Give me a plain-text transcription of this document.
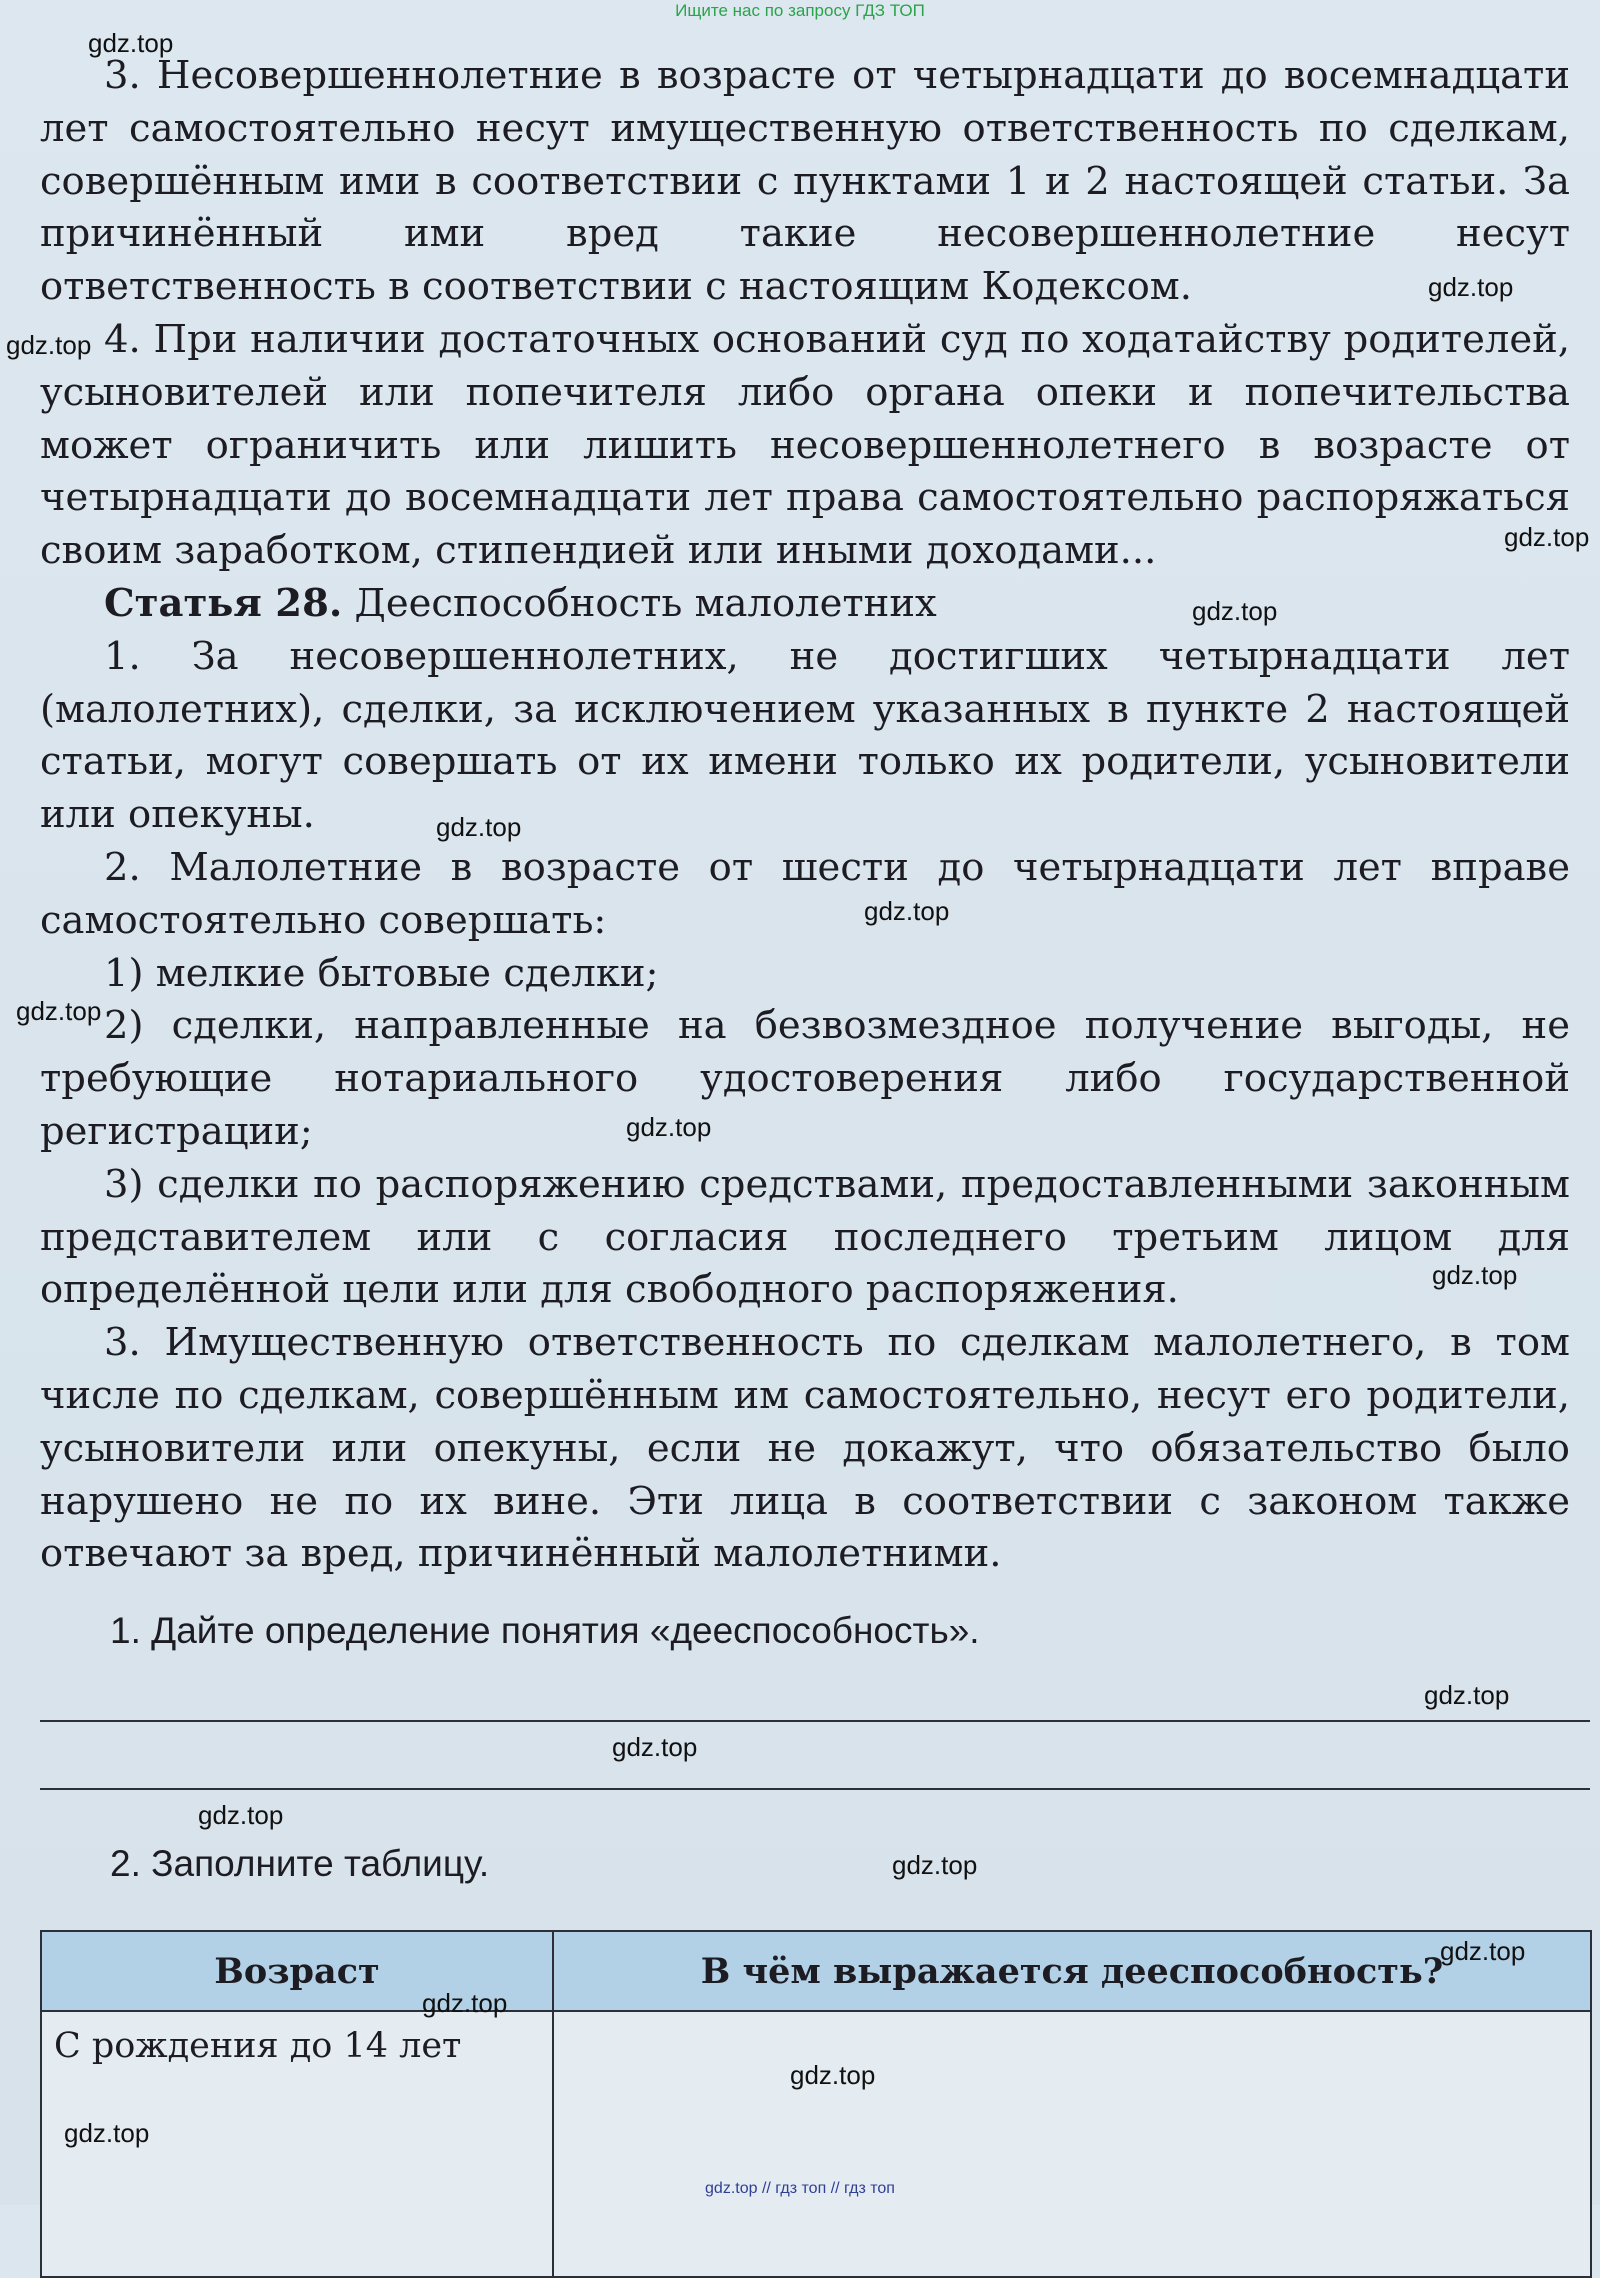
Ищите нас по запросу ГДЗ ТОП

3. Несовершеннолетние в возрасте от четырнадцати до восемнадцати лет самостоятельно несут имущественную ответственность по сделкам, совершённым ими в соответствии с пунктами 1 и 2 настоящей статьи. За причинённый ими вред такие несовершеннолетние несут ответственность в соответствии с настоящим Кодексом.

4. При наличии достаточных оснований суд по ходатайству родителей, усыновителей или попечителя либо органа опеки и попечительства может ограничить или лишить несовершеннолетнего в возрасте от четырнадцати до восемнадцати лет права самостоятельно распоряжаться своим заработком, стипендией или иными доходами...

Статья 28. Дееспособность малолетних

1. За несовершеннолетних, не достигших четырнадцати лет (малолетних), сделки, за исключением указанных в пункте 2 настоящей статьи, могут совершать от их имени только их родители, усыновители или опекуны.

2. Малолетние в возрасте от шести до четырнадцати лет вправе самостоятельно совершать:

1) мелкие бытовые сделки;

2) сделки, направленные на безвозмездное получение выгоды, не требующие нотариального удостоверения либо государственной регистрации;

3) сделки по распоряжению средствами, предоставленными законным представителем или с согласия последнего третьим лицом для определённой цели или для свободного распоряжения.

3. Имущественную ответственность по сделкам малолетнего, в том числе по сделкам, совершённым им самостоятельно, несут его родители, усыновители или опекуны, если не докажут, что обязательство было нарушено не по их вине. Эти лица в соответствии с законом также отвечают за вред, причинённый малолетними.

1. Дайте определение понятия «дееспособность».
2. Заполните таблицу.
Возраст	В чём выражается дееспособность?
С рождения до 14 лет	
gdz.top
gdz.top
gdz.top
gdz.top
gdz.top
gdz.top
gdz.top
gdz.top
gdz.top
gdz.top
gdz.top
gdz.top
gdz.top
gdz.top
gdz.top
gdz.top
gdz.top
gdz.top
gdz.top // гдз топ // гдз топ
